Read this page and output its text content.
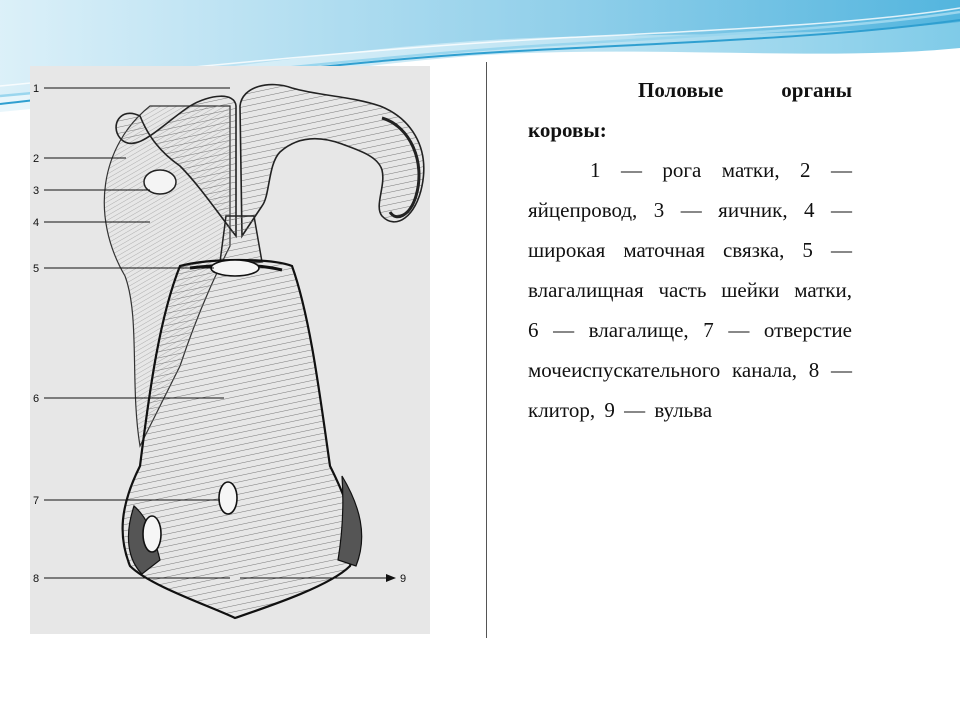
1
2
3
4
5
6
7
8	9

Половые органы коровы:

1 — рога матки, 2 — яйцепровод, 3 — яичник, 4 — широкая маточная связка, 5 — влагалищная часть шейки матки, 6 — влагалище, 7 — отверстие мочеиспускательного канала, 8 — клитор, 9 — вульва
